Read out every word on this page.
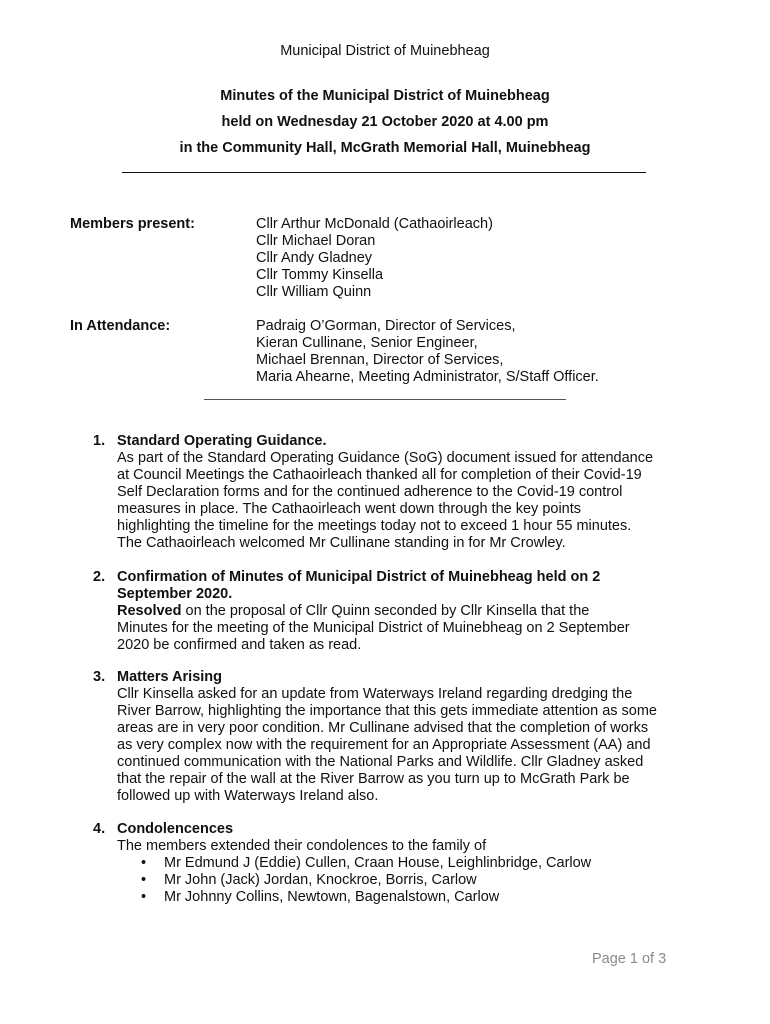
Municipal District of Muinebheag
Minutes of the Municipal District of Muinebheag
held on Wednesday 21 October 2020 at 4.00 pm
in the Community Hall, McGrath Memorial Hall, Muinebheag
Members present:	Cllr Arthur McDonald (Cathaoirleach)
Cllr Michael Doran
Cllr Andy Gladney
Cllr Tommy Kinsella
Cllr William Quinn
In Attendance:	Padraig O’Gorman, Director of Services,
Kieran Cullinane, Senior Engineer,
Michael Brennan, Director of Services,
Maria Ahearne, Meeting Administrator, S/Staff Officer.
1. Standard Operating Guidance.
As part of the Standard Operating Guidance (SoG) document issued for attendance
at Council Meetings the Cathaoirleach thanked all for completion of their Covid-19
Self Declaration forms and for the continued adherence to the Covid-19 control
measures in place. The Cathaoirleach went down through the key points
highlighting the timeline for the meetings today not to exceed 1 hour 55 minutes.
The Cathaoirleach welcomed Mr Cullinane standing in for Mr Crowley.
2. Confirmation of Minutes of Municipal District of Muinebheag held on 2
September 2020.
Resolved on the proposal of Cllr Quinn seconded by Cllr Kinsella that the
Minutes for the meeting of the Municipal District of Muinebheag on 2 September
2020 be confirmed and taken as read.
3. Matters Arising
Cllr Kinsella asked for an update from Waterways Ireland regarding dredging the
River Barrow, highlighting the importance that this gets immediate attention as some
areas are in very poor condition. Mr Cullinane advised that the completion of works
as very complex now with the requirement for an Appropriate Assessment (AA) and
continued communication with the National Parks and Wildlife. Cllr Gladney asked
that the repair of the wall at the River Barrow as you turn up to McGrath Park be
followed up with Waterways Ireland also.
4. Condolencences
The members extended their condolences to the family of
• Mr Edmund J (Eddie) Cullen, Craan House, Leighlinbridge, Carlow
• Mr John (Jack) Jordan, Knockroe, Borris, Carlow
• Mr Johnny Collins, Newtown, Bagenalstown, Carlow
Page 1 of 3
